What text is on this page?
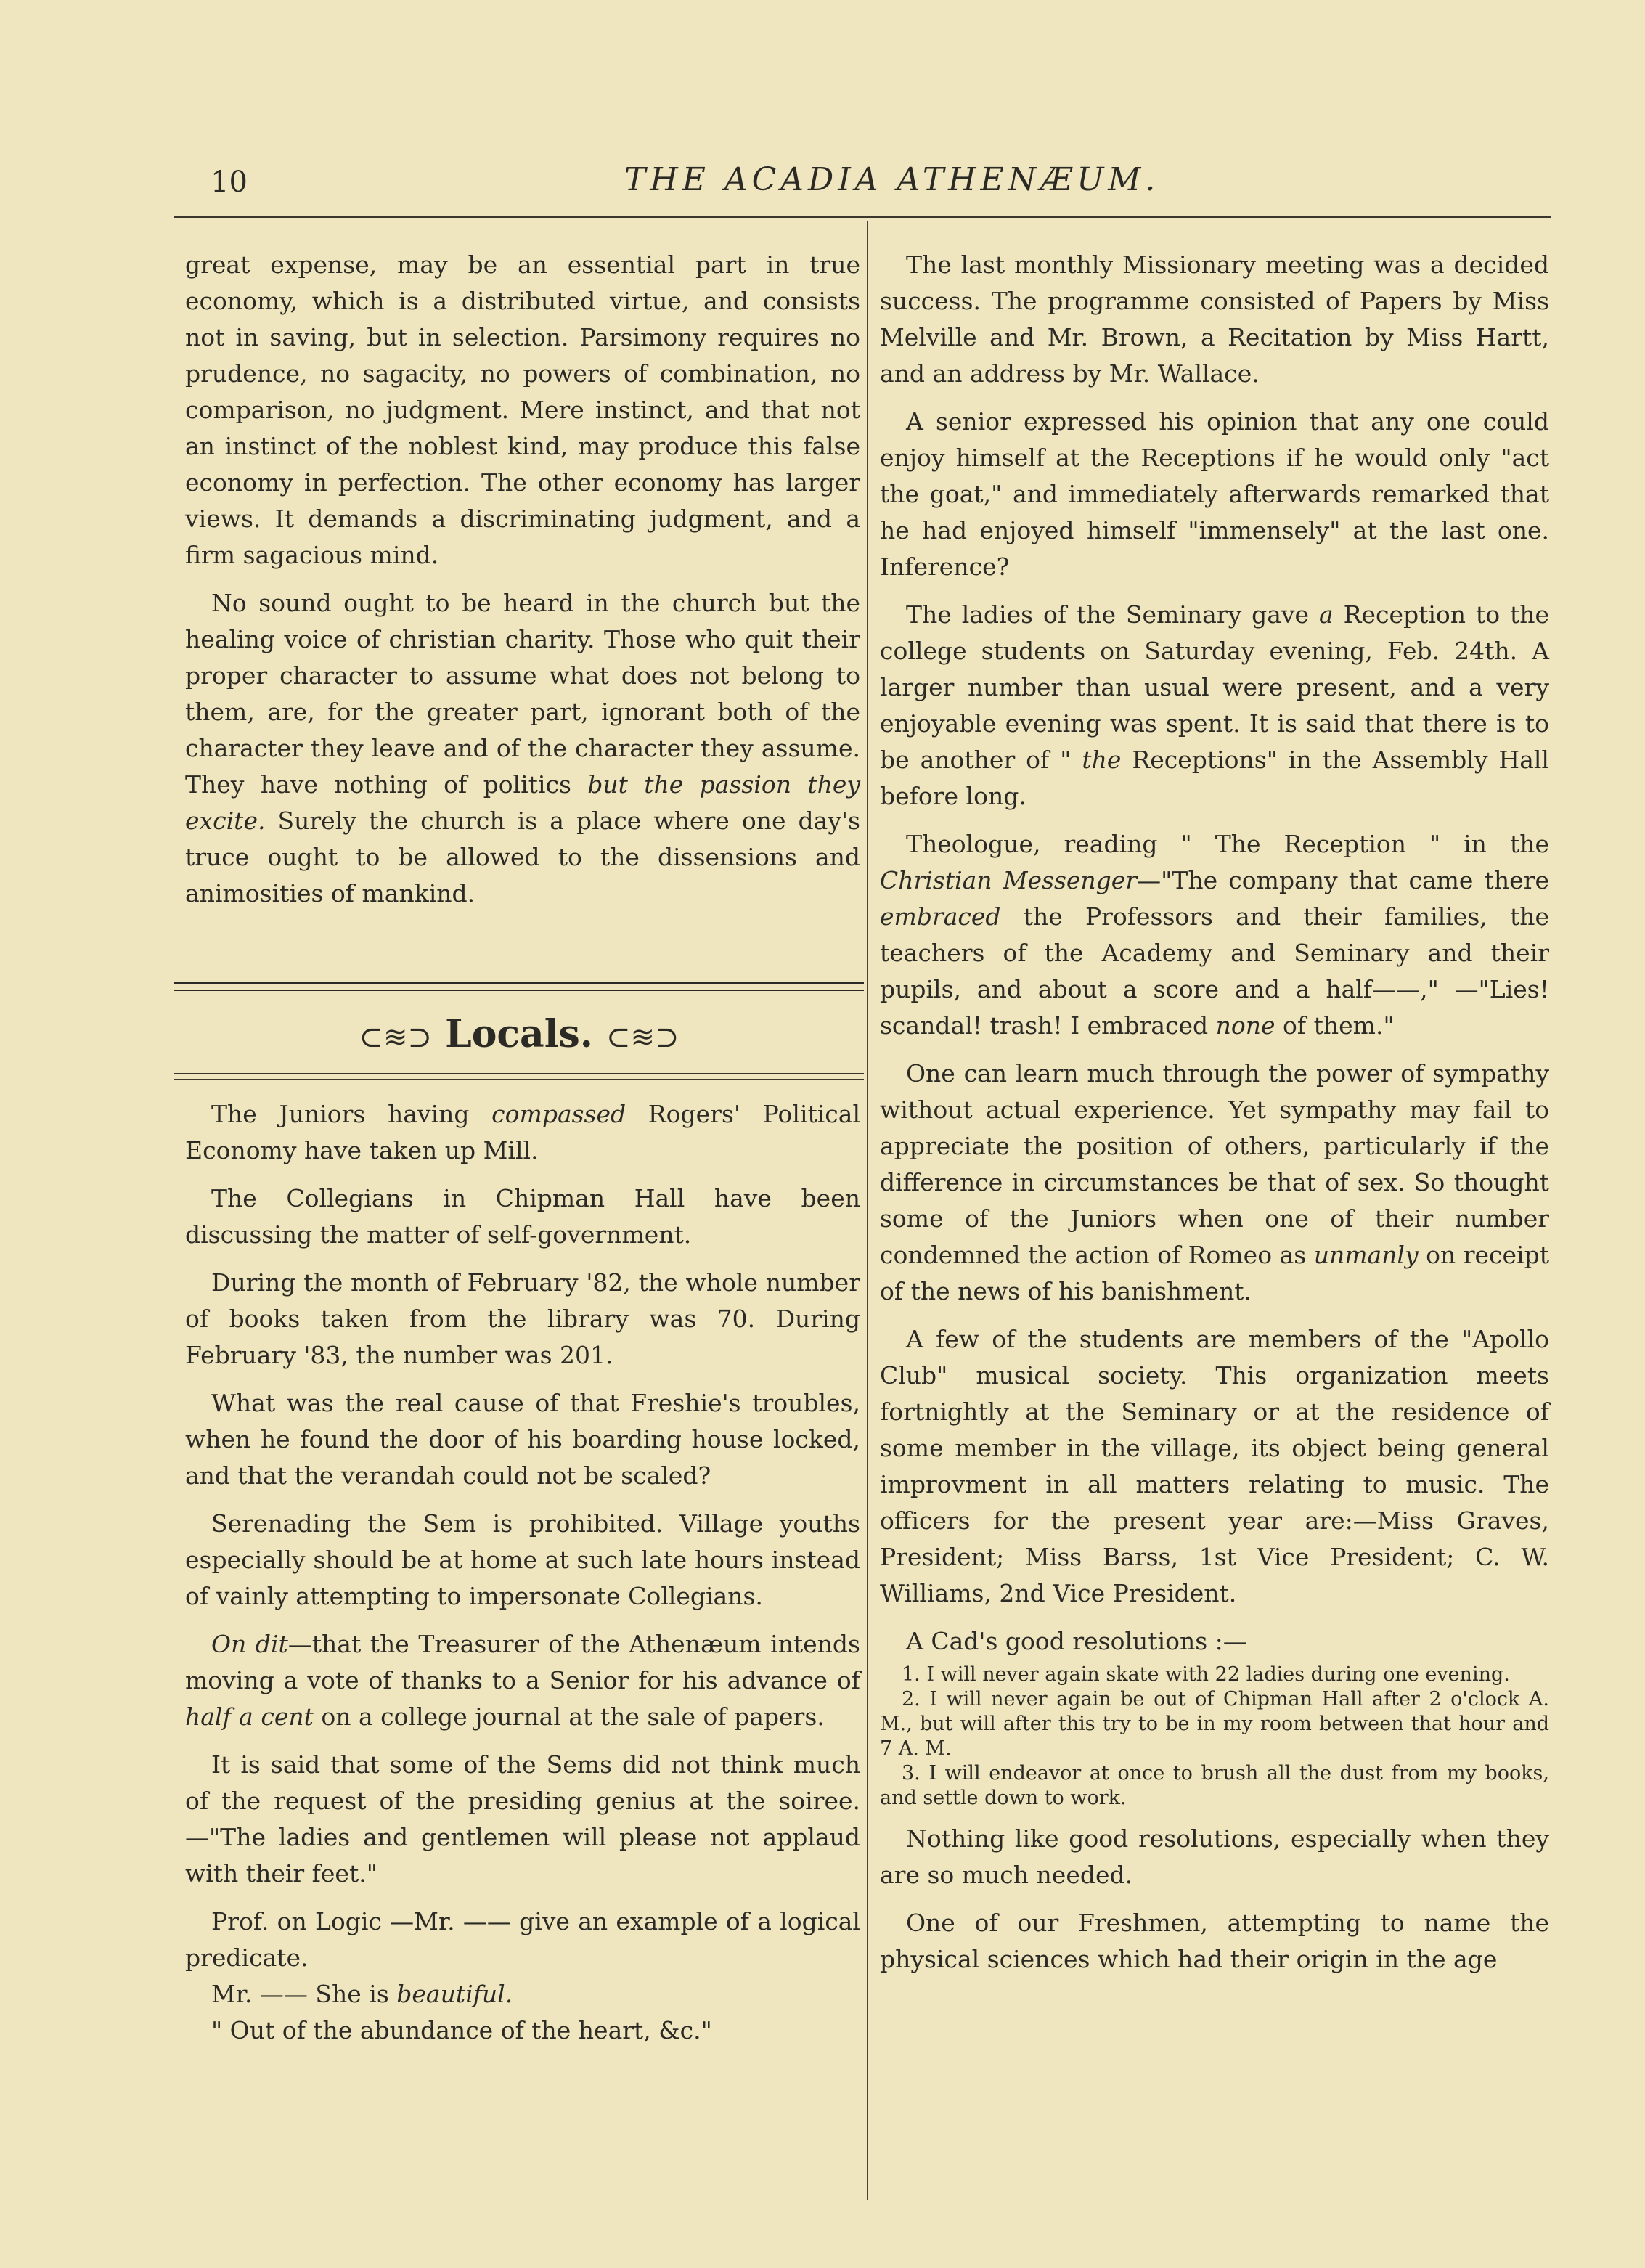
10	THE ACADIA ATHENÆUM.

great expense, may be an essential part in true economy, which is a distributed virtue, and consists not in saving, but in selection. Parsimony requires no prudence, no sagacity, no powers of combination, no comparison, no judgment. Mere instinct, and that not an instinct of the noblest kind, may produce this false economy in perfection. The other economy has larger views. It demands a discriminating judgment, and a firm sagacious mind.

No sound ought to be heard in the church but the healing voice of christian charity. Those who quit their proper character to assume what does not belong to them, are, for the greater part, ignorant both of the character they leave and of the character they assume. They have nothing of politics but the passion they excite. Surely the church is a place where one day's truce ought to be allowed to the dissensions and animosities of mankind.

⊂≋⊃ Locals. ⊂≋⊃

The Juniors having compassed Rogers' Political Economy have taken up Mill.

The Collegians in Chipman Hall have been discussing the matter of self-government.

During the month of February '82, the whole number of books taken from the library was 70. During February '83, the number was 201.

What was the real cause of that Freshie's troubles, when he found the door of his boarding house locked, and that the verandah could not be scaled?

Serenading the Sem is prohibited. Village youths especially should be at home at such late hours instead of vainly attempting to impersonate Collegians.

On dit—that the Treasurer of the Athenæum intends moving a vote of thanks to a Senior for his advance of half a cent on a college journal at the sale of papers.

It is said that some of the Sems did not think much of the request of the presiding genius at the soiree.—"The ladies and gentlemen will please not applaud with their feet."

Prof. on Logic —Mr. —— give an example of a logical predicate.

Mr. —— She is beautiful.

" Out of the abundance of the heart, &c."

The last monthly Missionary meeting was a decided success. The programme consisted of Papers by Miss Melville and Mr. Brown, a Recitation by Miss Hartt, and an address by Mr. Wallace.

A senior expressed his opinion that any one could enjoy himself at the Receptions if he would only "act the goat," and immediately afterwards remarked that he had enjoyed himself "immensely" at the last one. Inference?

The ladies of the Seminary gave a Reception to the college students on Saturday evening, Feb. 24th. A larger number than usual were present, and a very enjoyable evening was spent. It is said that there is to be another of " the Receptions" in the Assembly Hall before long.

Theologue, reading " The Reception " in the Christian Messenger—"The company that came there embraced the Professors and their families, the teachers of the Academy and Seminary and their pupils, and about a score and a half——," —"Lies! scandal! trash! I embraced none of them."

One can learn much through the power of sympathy without actual experience. Yet sympathy may fail to appreciate the position of others, particularly if the difference in circumstances be that of sex. So thought some of the Juniors when one of their number condemned the action of Romeo as unmanly on receipt of the news of his banishment.

A few of the students are members of the "Apollo Club" musical society. This organization meets fortnightly at the Seminary or at the residence of some member in the village, its object being general improvment in all matters relating to music. The officers for the present year are:—Miss Graves, President; Miss Barss, 1st Vice President; C. W. Williams, 2nd Vice President.

A Cad's good resolutions :—

1. I will never again skate with 22 ladies during one evening.
2. I will never again be out of Chipman Hall after 2 o'clock A. M., but will after this try to be in my room between that hour and 7 A. M.
3. I will endeavor at once to brush all the dust from my books, and settle down to work.

Nothing like good resolutions, especially when they are so much needed.

One of our Freshmen, attempting to name the physical sciences which had their origin in the age
